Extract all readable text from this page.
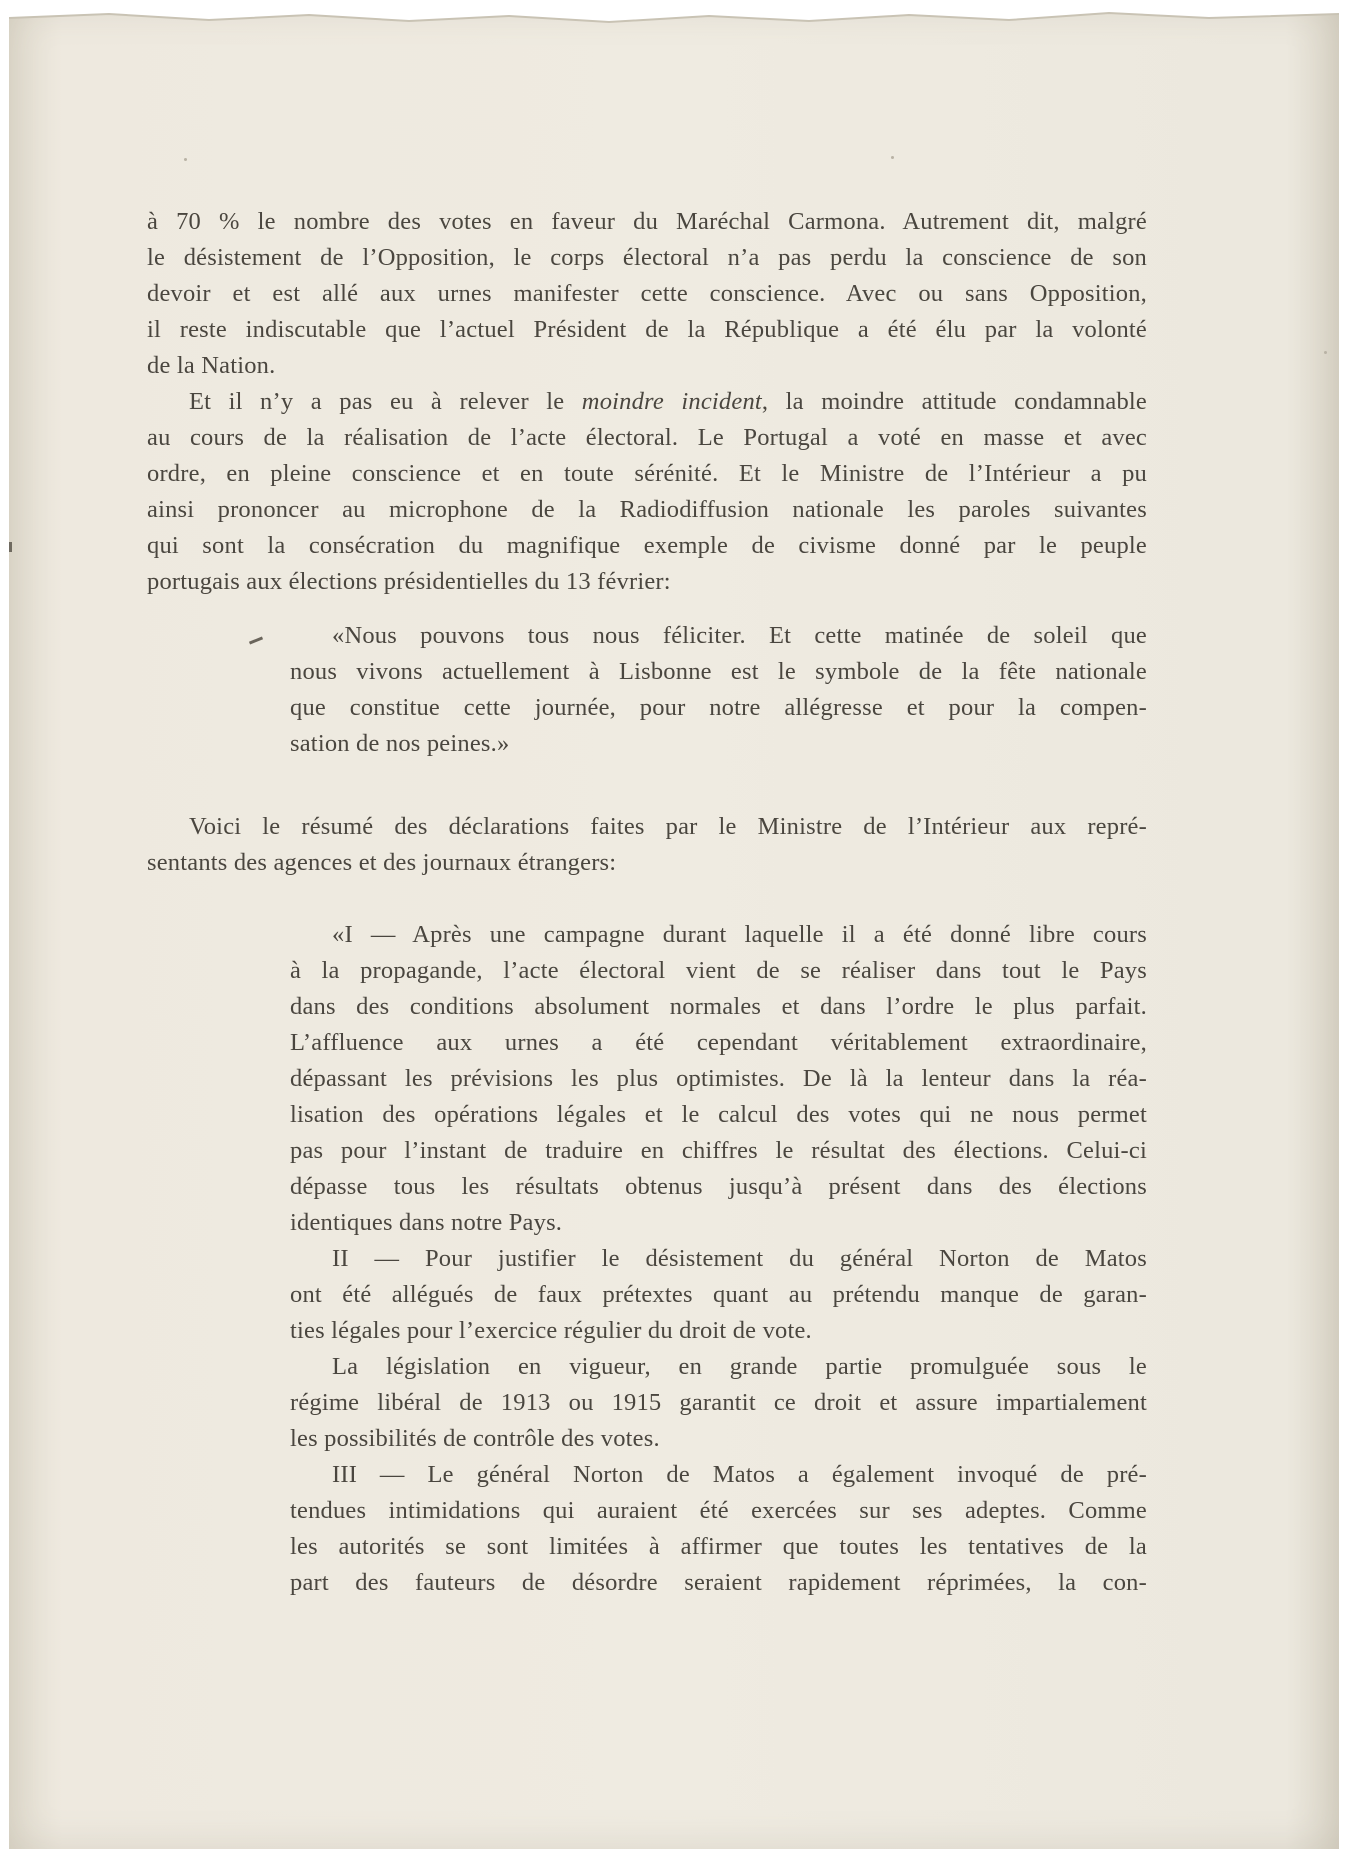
à 70 % le nombre des votes en faveur du Maréchal Carmona. Autrement dit, malgré

le désistement de l’Opposition, le corps électoral n’a pas perdu la conscience de son

devoir et est allé aux urnes manifester cette conscience. Avec ou sans Opposition,

il reste indiscutable que l’actuel Président de la République a été élu par la volonté

de la Nation.

Et il n’y a pas eu à relever le moindre incident, la moindre attitude condamnable

au cours de la réalisation de l’acte électoral. Le Portugal a voté en masse et avec

ordre, en pleine conscience et en toute sérénité. Et le Ministre de l’Intérieur a pu

ainsi prononcer au microphone de la Radiodiffusion nationale les paroles suivantes

qui sont la consécration du magnifique exemple de civisme donné par le peuple

portugais aux élections présidentielles du 13 février:

«Nous pouvons tous nous féliciter. Et cette matinée de soleil que

nous vivons actuellement à Lisbonne est le symbole de la fête nationale

que constitue cette journée, pour notre allégresse et pour la compen-

sation de nos peines.»

Voici le résumé des déclarations faites par le Ministre de l’Intérieur aux repré-

sentants des agences et des journaux étrangers:

«I — Après une campagne durant laquelle il a été donné libre cours

à la propagande, l’acte électoral vient de se réaliser dans tout le Pays

dans des conditions absolument normales et dans l’ordre le plus parfait.

L’affluence aux urnes a été cependant véritablement extraordinaire,

dépassant les prévisions les plus optimistes. De là la lenteur dans la réa-

lisation des opérations légales et le calcul des votes qui ne nous permet

pas pour l’instant de traduire en chiffres le résultat des élections. Celui-ci

dépasse tous les résultats obtenus jusqu’à présent dans des élections

identiques dans notre Pays.

II — Pour justifier le désistement du général Norton de Matos

ont été allégués de faux prétextes quant au prétendu manque de garan-

ties légales pour l’exercice régulier du droit de vote.

La législation en vigueur, en grande partie promulguée sous le

régime libéral de 1913 ou 1915 garantit ce droit et assure impartialement

les possibilités de contrôle des votes.

III — Le général Norton de Matos a également invoqué de pré-

tendues intimidations qui auraient été exercées sur ses adeptes. Comme

les autorités se sont limitées à affirmer que toutes les tentatives de la

part des fauteurs de désordre seraient rapidement réprimées, la con-
